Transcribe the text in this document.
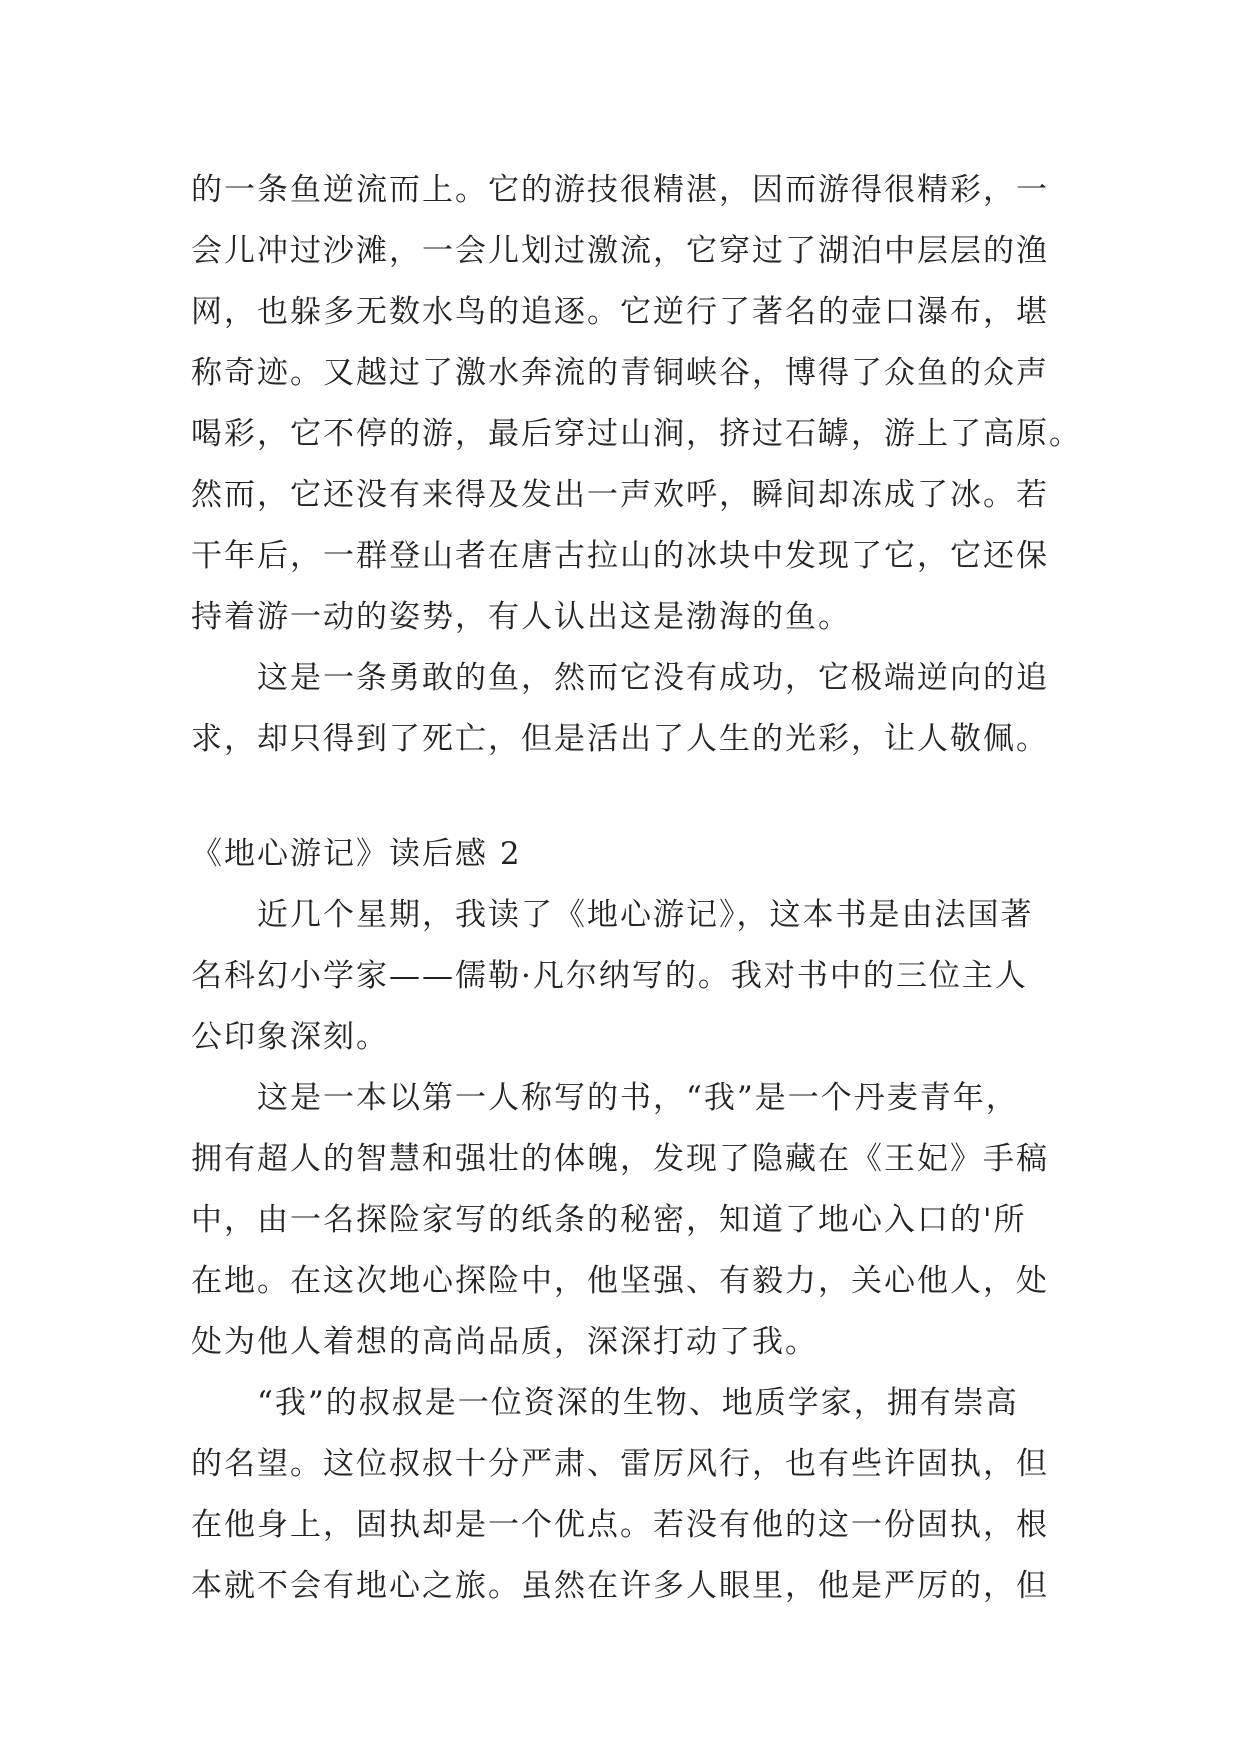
的一条鱼逆流而上。它的游技很精湛，因而游得很精彩，一
会儿冲过沙滩，一会儿划过激流，它穿过了湖泊中层层的渔
网，也躲多无数水鸟的追逐。它逆行了著名的壶口瀑布，堪
称奇迹。又越过了激水奔流的青铜峡谷，博得了众鱼的众声
喝彩，它不停的游，最后穿过山涧，挤过石罅，游上了高原。
然而，它还没有来得及发出一声欢呼，瞬间却冻成了冰。若
干年后，一群登山者在唐古拉山的冰块中发现了它，它还保
持着游一动的姿势，有人认出这是渤海的鱼。
这是一条勇敢的鱼，然而它没有成功，它极端逆向的追
求，却只得到了死亡，但是活出了人生的光彩，让人敬佩。
《地心游记》读后感 2
近几个星期，我读了《地心游记》，这本书是由法国著
名科幻小学家——儒勒·凡尔纳写的。我对书中的三位主人
公印象深刻。
这是一本以第一人称写的书，“我”是一个丹麦青年，
拥有超人的智慧和强壮的体魄，发现了隐藏在《王妃》手稿
中，由一名探险家写的纸条的秘密，知道了地心入口的'所
在地。在这次地心探险中，他坚强、有毅力，关心他人，处
处为他人着想的高尚品质，深深打动了我。
“我”的叔叔是一位资深的生物、地质学家，拥有崇高
的名望。这位叔叔十分严肃、雷厉风行，也有些许固执，但
在他身上，固执却是一个优点。若没有他的这一份固执，根
本就不会有地心之旅。虽然在许多人眼里，他是严厉的，但
